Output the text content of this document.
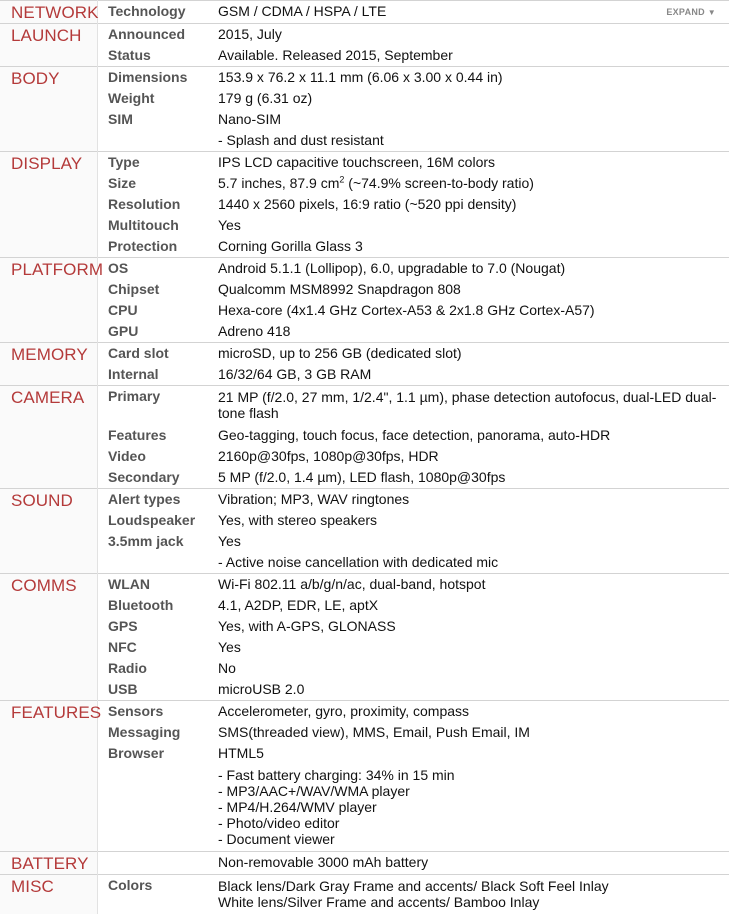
EXPAND ▼
NETWORK	Technology	GSM / CDMA / HSPA / LTE

LAUNCH	Announced	2015, July

	Status	Available. Released 2015, September

BODY	Dimensions	153.9 x 76.2 x 11.1 mm (6.06 x 3.00 x 0.44 in)

	Weight	179 g (6.31 oz)

	SIM	Nano-SIM

		- Splash and dust resistant

DISPLAY	Type	IPS LCD capacitive touchscreen, 16M colors

	Size	5.7 inches, 87.9 $cm^2$ (~74.9% screen-to-body ratio)
	Resolution	1440 x 2560 pixels, 16:9 ratio (~520 ppi density)

	Multitouch	Yes

	Protection	Corning Gorilla Glass 3

PLATFORM	OS	Android 5.1.1 (Lollipop), 6.0, upgradable to 7.0 (Nougat)

	Chipset	Qualcomm MSM8992 Snapdragon 808

	CPU	Hexa-core (4x1.4 GHz Cortex-A53 & 2x1.8 GHz Cortex-A57)

	GPU	Adreno 418

MEMORY	Card slot	microSD, up to 256 GB (dedicated slot)

	Internal	16/32/64 GB, 3 GB RAM

CAMERA	Primary	21 MP (f/2.0, 27 mm, 1/2.4", 1.1 µm), phase detection autofocus, dual-LED dual-tone flash

	Features	Geo-tagging, touch focus, face detection, panorama, auto-HDR

	Video	2160p@30fps, 1080p@30fps, HDR

	Secondary	5 MP (f/2.0, 1.4 µm), LED flash, 1080p@30fps

SOUND	Alert types	Vibration; MP3, WAV ringtones

	Loudspeaker	Yes, with stereo speakers

	3.5mm jack	Yes

		- Active noise cancellation with dedicated mic

COMMS	WLAN	Wi-Fi 802.11 a/b/g/n/ac, dual-band, hotspot

	Bluetooth	4.1, A2DP, EDR, LE, aptX

	GPS	Yes, with A-GPS, GLONASS

	NFC	Yes

	Radio	No

	USB	microUSB 2.0

FEATURES	Sensors	Accelerometer, gyro, proximity, compass

	Messaging	SMS(threaded view), MMS, Email, Push Email, IM

	Browser	HTML5

		- Fast battery charging: 34% in 15 min
- MP3/AAC+/WAV/WMA player
- MP4/H.264/WMV player
- Photo/video editor
- Document viewer

BATTERY		Non-removable 3000 mAh battery

MISC	Colors	Black lens/Dark Gray Frame and accents/ Black Soft Feel Inlay
White lens/Silver Frame and accents/ Bamboo Inlay
